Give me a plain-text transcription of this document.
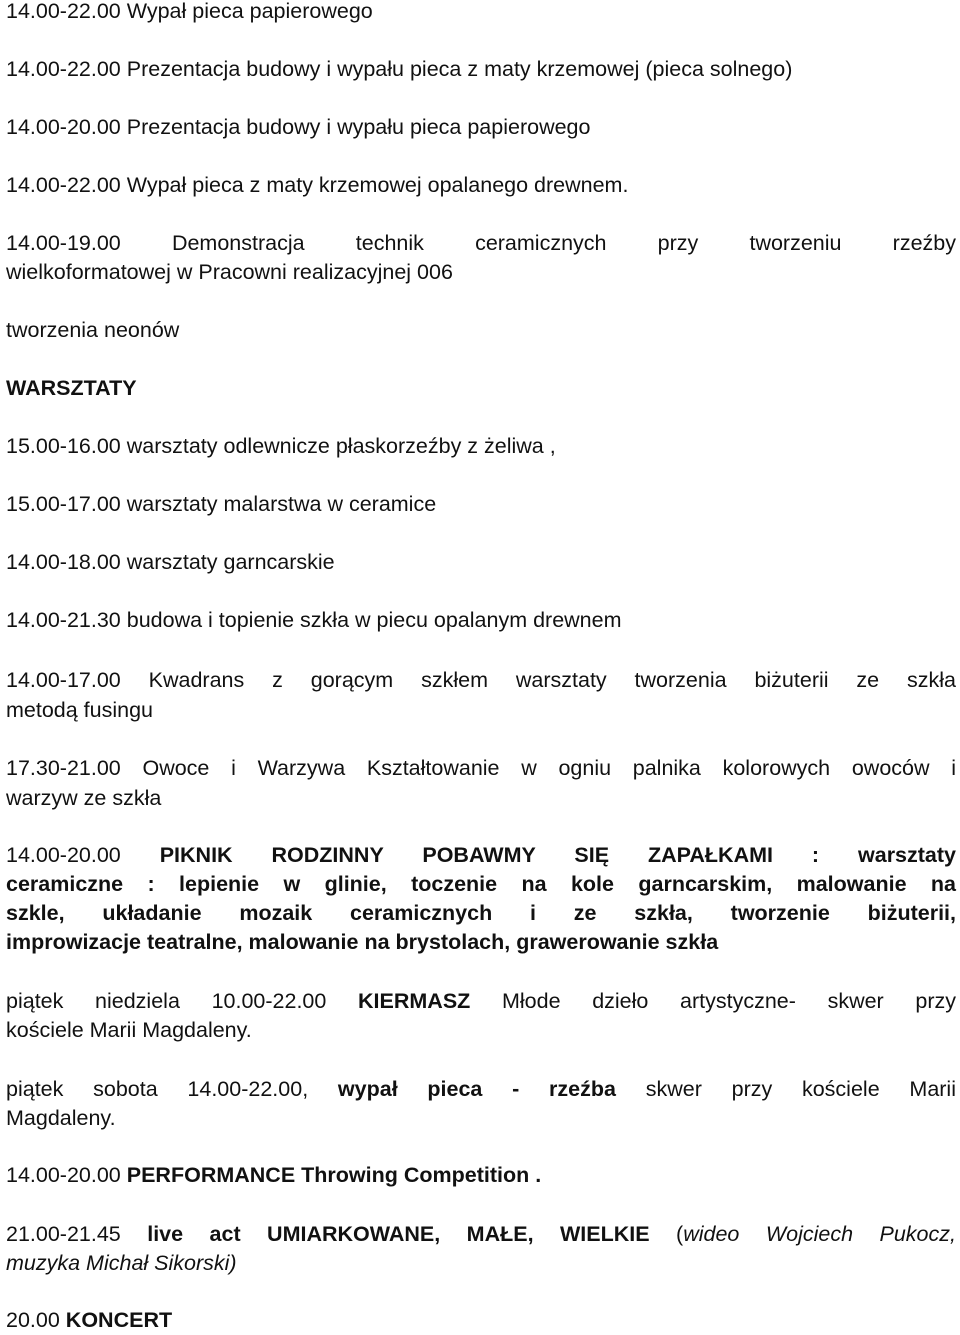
14.00-22.00 Wypał pieca papierowego
14.00-22.00 Prezentacja budowy i wypału pieca z maty krzemowej (pieca solnego)
14.00-20.00 Prezentacja budowy i wypału pieca papierowego
14.00-22.00 Wypał pieca z maty krzemowej opalanego drewnem.
14.00-19.00 Demonstracja technik ceramicznych przy tworzeniu rzeźby
wielkoformatowej w Pracowni realizacyjnej 006
tworzenia neonów
WARSZTATY
15.00-16.00 warsztaty odlewnicze płaskorzeźby z żeliwa ,
15.00-17.00 warsztaty malarstwa w ceramice
14.00-18.00 warsztaty garncarskie
14.00-21.30 budowa i topienie szkła w piecu opalanym drewnem
14.00-17.00 Kwadrans z gorącym szkłem warsztaty tworzenia biżuterii ze szkła
metodą fusingu
17.30-21.00 Owoce i Warzywa Kształtowanie w ogniu palnika kolorowych owoców i
warzyw ze szkła
14.00-20.00 PIKNIK RODZINNY POBAWMY SIĘ ZAPAŁKAMI : warsztaty
ceramiczne : lepienie w glinie, toczenie na kole garncarskim, malowanie na
szkle, układanie mozaik ceramicznych i ze szkła, tworzenie biżuterii,
improwizacje teatralne, malowanie na brystolach, grawerowanie szkła
piątek niedziela 10.00-22.00 KIERMASZ Młode dzieło artystyczne- skwer przy
kościele Marii Magdaleny.
piątek sobota 14.00-22.00, wypał pieca - rzeźba skwer przy kościele Marii
Magdaleny.
14.00-20.00 PERFORMANCE Throwing Competition .
21.00-21.45 live act UMIARKOWANE, MAŁE, WIELKIE (wideo Wojciech Pukocz,
muzyka Michał Sikorski)
20.00 KONCERT
